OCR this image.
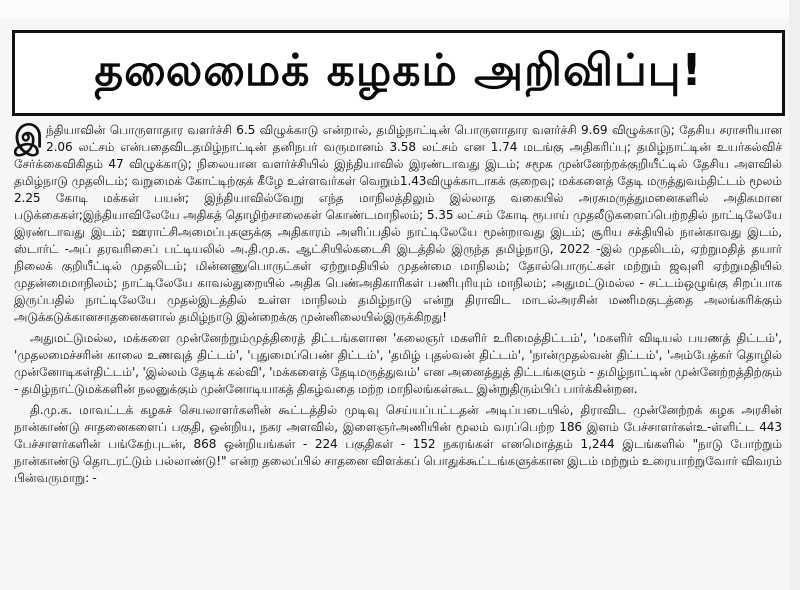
தலைமைக் கழகம் அறிவிப்பு!

இந்தியாவின் பொருளாதார வளர்ச்சி 6.5 விழுக்காடு என்றால், தமிழ்நாட்டின் பொருளாதார வளர்ச்சி 9.69 விழுக்காடு; தேசிய சராசரியான 2.06 லட்சம் என்பதைவிடதமிழ்நாட்டின் தனிநபர் வருமானம் 3.58 லட்சம் என 1.74 மடங்கு அதிகரிப்பு; தமிழ்நாட்டின் உயர்கல்விச் சேர்க்கைவிகிதம் 47 விழுக்காடு; நிலையான வளர்ச்சியில் இந்தியாவில் இரண்டாவது இடம்; சமூக முன்னேற்றக்குறியீட்டில் தேசிய அளவில் தமிழ்நாடு முதலிடம்; வறுமைக் கோட்டிற்குக் கீழே உள்ளவர்கள் வெறும்1.43விழுக்காடாகக் குறைவு; மக்களைத் தேடி மருத்துவம்திட்டம் மூலம் 2.25 கோடி மக்கள் பயன்; இந்தியாவில்வேறு எந்த மாநிலத்திலும் இல்லாத வகையில் அரசுமருத்துமனைகளில் அதிகமான படுக்கைகள்;இந்தியாவிலேயே அதிகத் தொழிற்சாலைகள் கொண்டமாநிலம்; 5.35 லட்சம் கோடி ரூபாய் முதலீடுகளைப்பெற்றதில் நாட்டிலேயே இரண்டாவது இடம்; ஊராட்சிஅமைப்புகளுக்கு அதிகாரம் அளிப்பதில் நாட்டிலேயே மூன்றாவது இடம்; சூரிய சக்தியில் நான்காவது இடம், ஸ்டார்ட் -அப் தரவரிசைப் பட்டியலில் அ.தி.மு.க. ஆட்சியில்கடைசி இடத்தில் இருந்த தமிழ்நாடு, 2022 -இல் முதலிடம், ஏற்றுமதித் தயார் நிலைக் குறியீட்டில் முதலிடம்; மின்னணுபொருட்கள் ஏற்றுமதியில் முதன்மை மாநிலம்; தோல்பொருட்கள் மற்றும் ஜவுளி ஏற்றுமதியில் முதன்மைமாநிலம்; நாட்டிலேயே காவல்துறையில் அதிக பெண்அதிகாரிகள் பணிபுரியும் மாநிலம்; அதுமட்டுமல்ல - சட்டம்ஒழுங்கு சிறப்பாக இருப்பதில் நாட்டிலேயே முதல்இடத்தில் உள்ள மாநிலம் தமிழ்நாடு என்று திராவிட மாடல்அரசின் மணிமகுடத்தை அலங்கரிக்கும் அடுக்கடுக்கானசாதனைகளால் தமிழ்நாடு இன்றைக்கு முன்னிலையில்இருக்கிறது!

அதுமட்டுமல்ல, மக்களை முன்னேற்றும்முத்திரைத் திட்டங்களான 'கலைஞர் மகளிர் உரிமைத்திட்டம்', 'மகளிர் விடியல் பயணத் திட்டம்', 'முதலமைச்சரின் காலை உணவுத் திட்டம்', 'புதுமைப்பெண் திட்டம்', 'தமிழ் புதல்வன் திட்டம்', 'நான்முதல்வன் திட்டம்', 'அம்பேத்கர் தொழில் முன்னோடிகள்திட்டம்', 'இல்லம் தேடிக் கல்வி', 'மக்களைத் தேடிமருத்துவம்' என அனைத்துத் திட்டங்களும் - தமிழ்நாட்டின் முன்னேற்றத்திற்கும் - தமிழ்நாட்டுமக்களின் நலனுக்கும் முன்னோடியாகத் திகழ்வதை மற்ற மாநிலங்கள்கூட இன்றுதிரும்பிப் பார்க்கின்றன.

தி.மு.க. மாவட்டக் கழகச் செயலாளர்களின் கூட்டத்தில் முடிவு செய்யப்பட்டதன் அடிப்படையில், திராவிட முன்னேற்றக் கழக அரசின் நான்காண்டு சாதனைகளைப் பகுதி, ஒன்றிய, நகர அளவில், இளைஞர்அணியின் மூலம் வரப்பெற்ற 186 இளம் பேச்சாளர்கள்உ-ள்ளிட்ட 443 பேச்சாளர்களின் பங்கேற்புடன், 868 ஒன்றியங்கள் - 224 பகுதிகள் - 152 நகரங்கள் எனமொத்தம் 1,244 இடங்களில் "நாடு போற்றும் நான்காண்டு தொடரட்டும் பல்லாண்டு!" என்ற தலைப்பில் சாதனை விளக்கப் பொதுக்கூட்டங்களுக்கான இடம் மற்றும் உரையாற்றுவோர் விவரம் பின்வருமாறு: -
